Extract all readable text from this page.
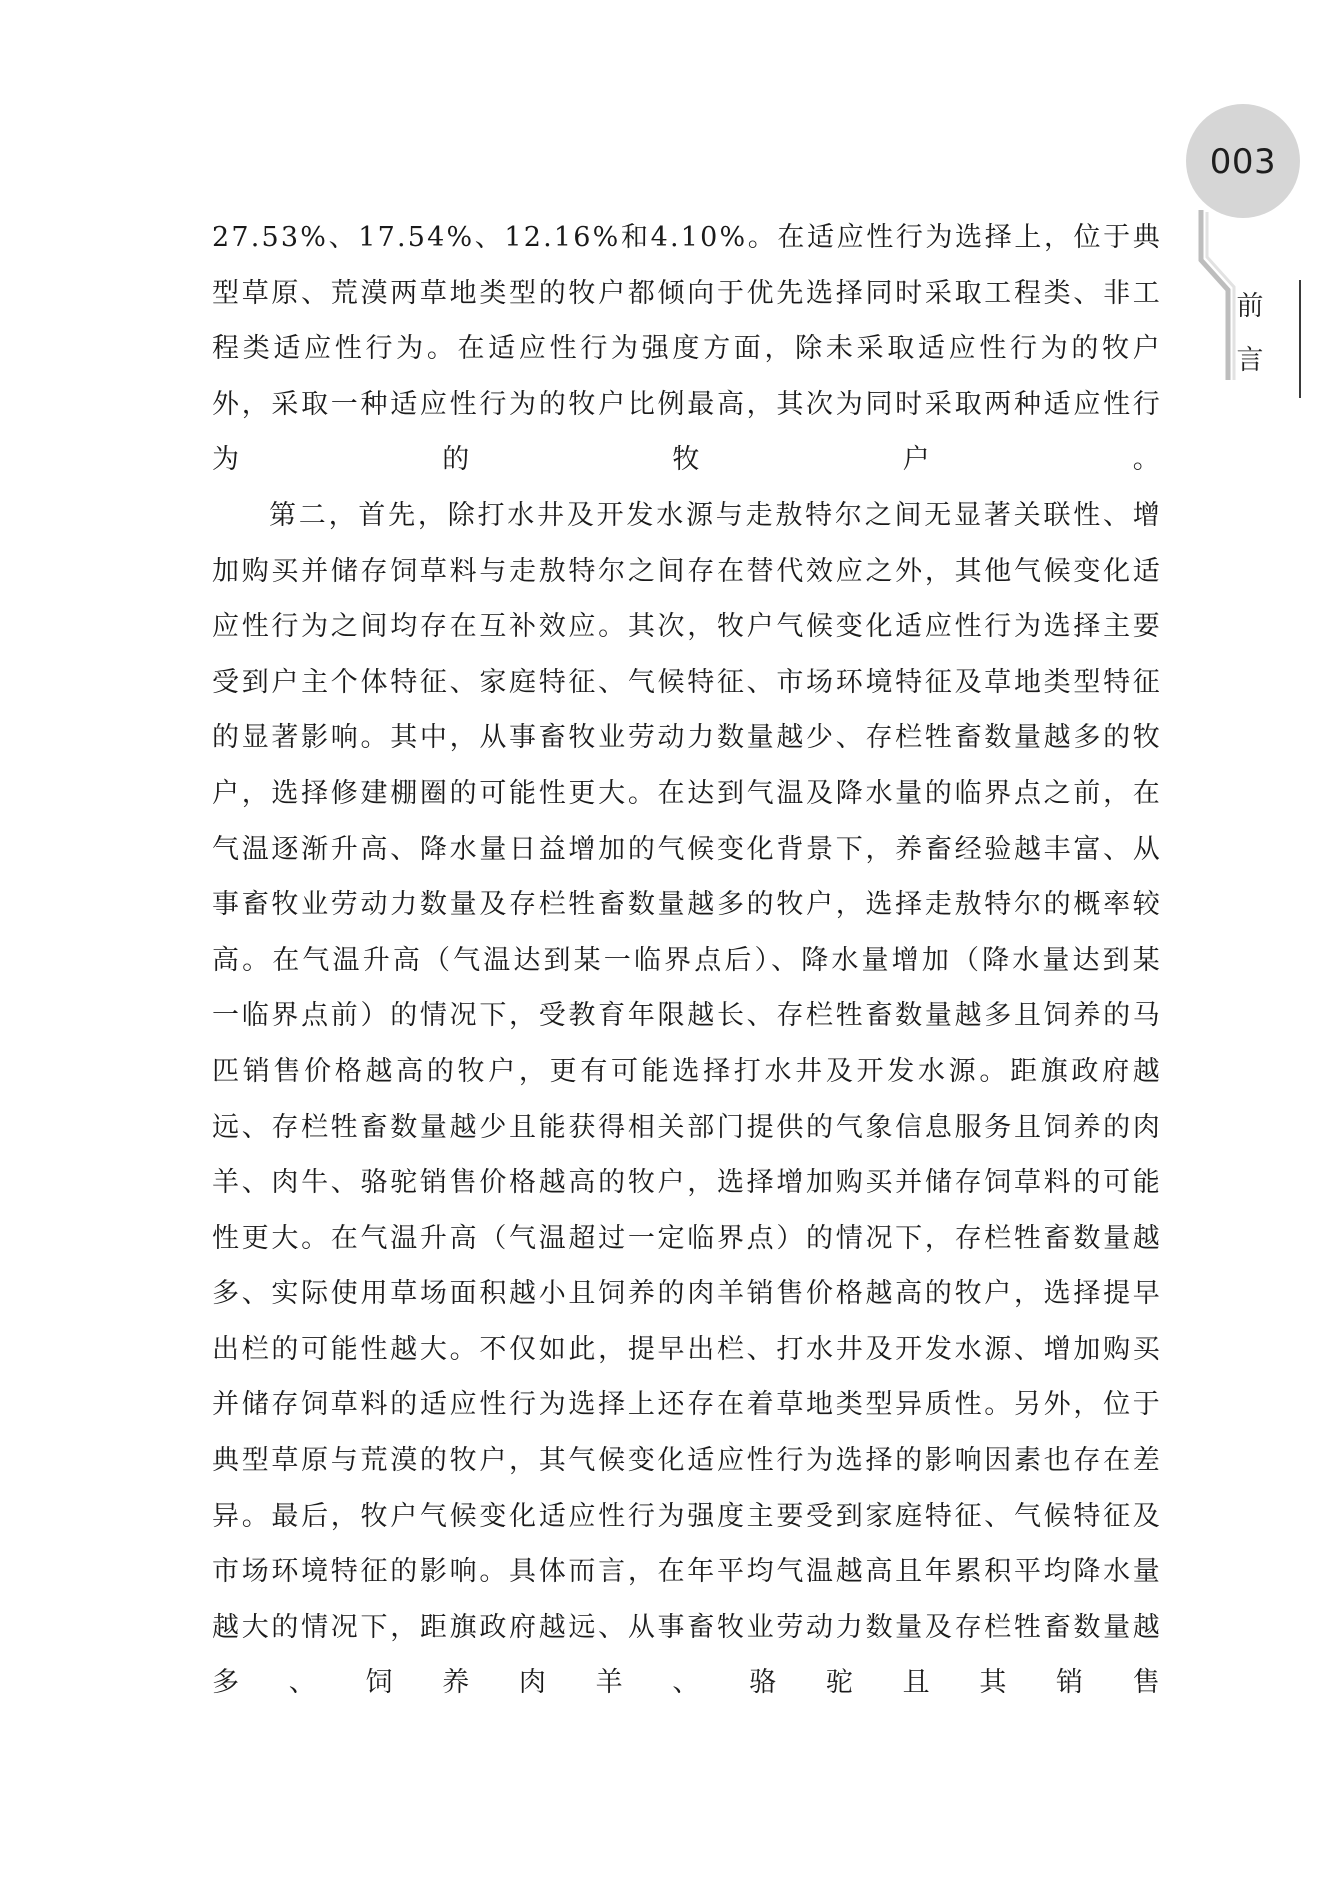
003
前
言

27.53%、17.54%、12.16%和4.10%。在适应性行为选择上，位于典型草原、荒漠两草地类型的牧户都倾向于优先选择同时采取工程类、非工程类适应性行为。在适应性行为强度方面，除未采取适应性行为的牧户外，采取一种适应性行为的牧户比例最高，其次为同时采取两种适应性行为的牧户。

第二，首先，除打水井及开发水源与走敖特尔之间无显著关联性、增加购买并储存饲草料与走敖特尔之间存在替代效应之外，其他气候变化适应性行为之间均存在互补效应。其次，牧户气候变化适应性行为选择主要受到户主个体特征、家庭特征、气候特征、市场环境特征及草地类型特征的显著影响。其中，从事畜牧业劳动力数量越少、存栏牲畜数量越多的牧户，选择修建棚圈的可能性更大。在达到气温及降水量的临界点之前，在气温逐渐升高、降水量日益增加的气候变化背景下，养畜经验越丰富、从事畜牧业劳动力数量及存栏牲畜数量越多的牧户，选择走敖特尔的概率较高。在气温升高（气温达到某一临界点后）、降水量增加（降水量达到某一临界点前）的情况下，受教育年限越长、存栏牲畜数量越多且饲养的马匹销售价格越高的牧户，更有可能选择打水井及开发水源。距旗政府越远、存栏牲畜数量越少且能获得相关部门提供的气象信息服务且饲养的肉羊、肉牛、骆驼销售价格越高的牧户，选择增加购买并储存饲草料的可能性更大。在气温升高（气温超过一定临界点）的情况下，存栏牲畜数量越多、实际使用草场面积越小且饲养的肉羊销售价格越高的牧户，选择提早出栏的可能性越大。不仅如此，提早出栏、打水井及开发水源、增加购买并储存饲草料的适应性行为选择上还存在着草地类型异质性。另外，位于典型草原与荒漠的牧户，其气候变化适应性行为选择的影响因素也存在差异。最后，牧户气候变化适应性行为强度主要受到家庭特征、气候特征及市场环境特征的影响。具体而言，在年平均气温越高且年累积平均降水量越大的情况下，距旗政府越远、从事畜牧业劳动力数量及存栏牲畜数量越多、饲养肉羊、骆驼且其销售
